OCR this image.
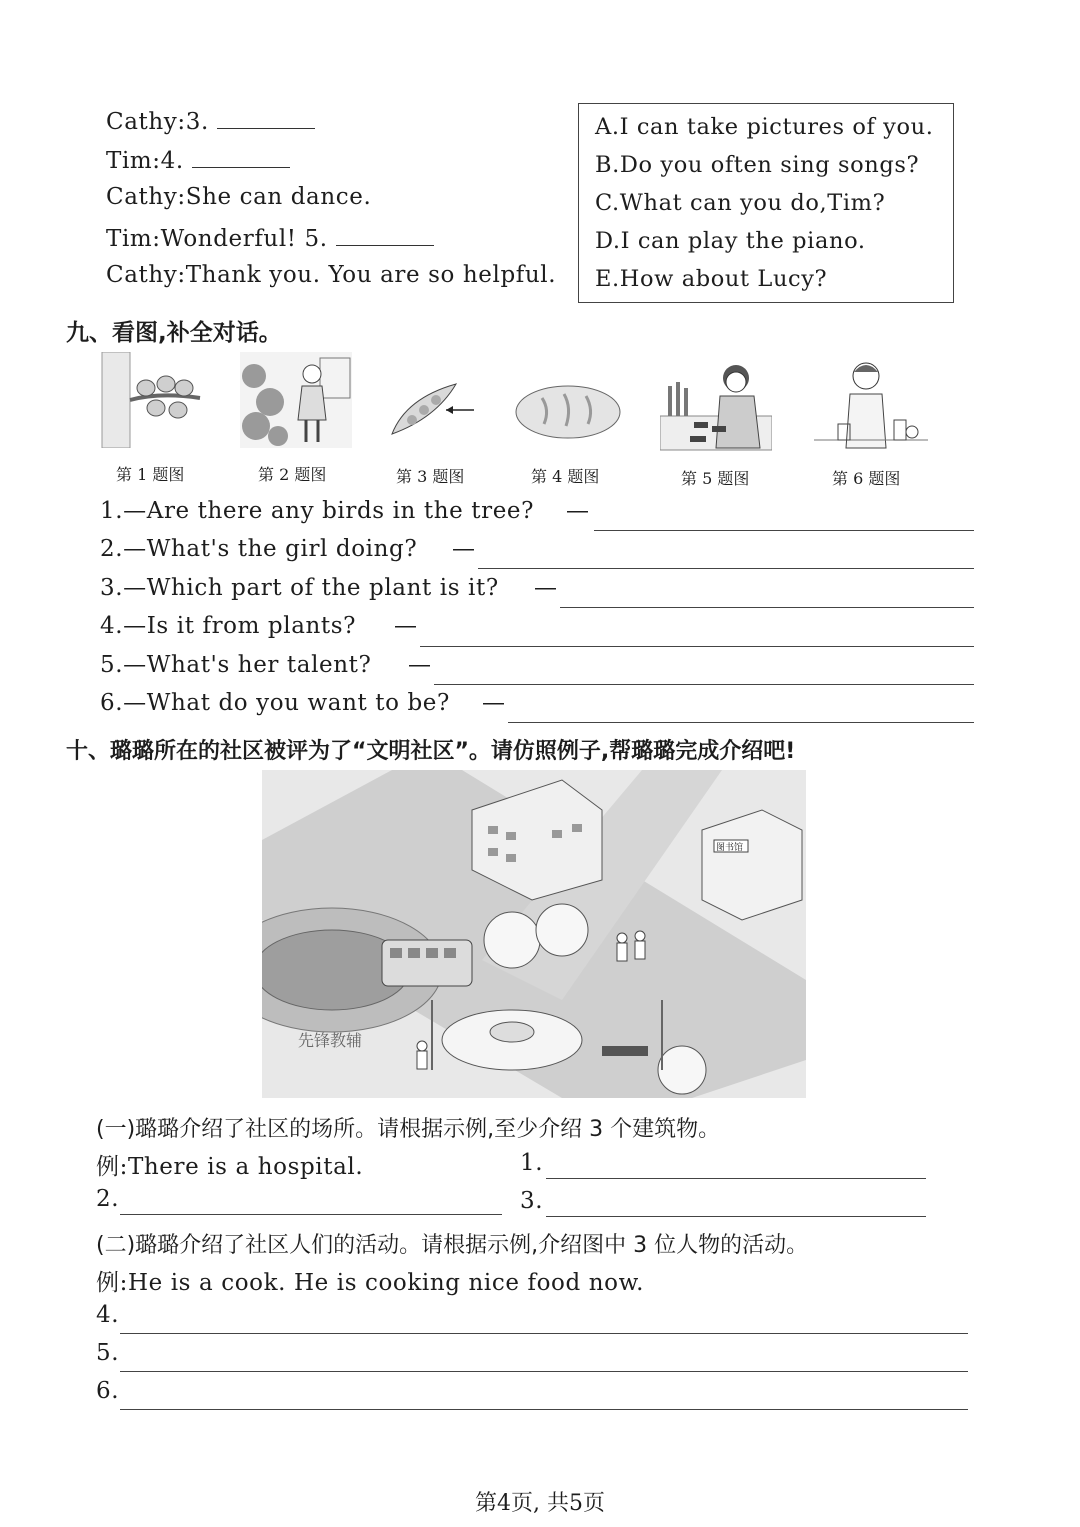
Cathy:3.
Tim:4.
Cathy:She can dance.
Tim:Wonderful! 5.
Cathy:Thank you. You are so helpful.
A.I can take pictures of you.
B.Do you often sing songs?
C.What can you do,Tim?
D.I can play the piano.
E.How about Lucy?
九、看图,补全对话。
第 1 题图	第 2 题图	第 3 题图	第 4 题图	第 5 题图	第 6 题图
1.—Are there any birds in the tree? —
2.—What's the girl doing? —
3.—Which part of the plant is it? —
4.—Is it from plants? —
5.—What's her talent? —
6.—What do you want to be? —
十、璐璐所在的社区被评为了“文明社区”。请仿照例子,帮璐璐完成介绍吧!
图书馆
先锋教辅
(一)璐璐介绍了社区的场所。请根据示例,至少介绍 3 个建筑物。
例:There is a hospital.	1.
2.	3.
(二)璐璐介绍了社区人们的活动。请根据示例,介绍图中 3 位人物的活动。
例:He is a cook. He is cooking nice food now.
4.
5.
6.
第4页, 共5页
